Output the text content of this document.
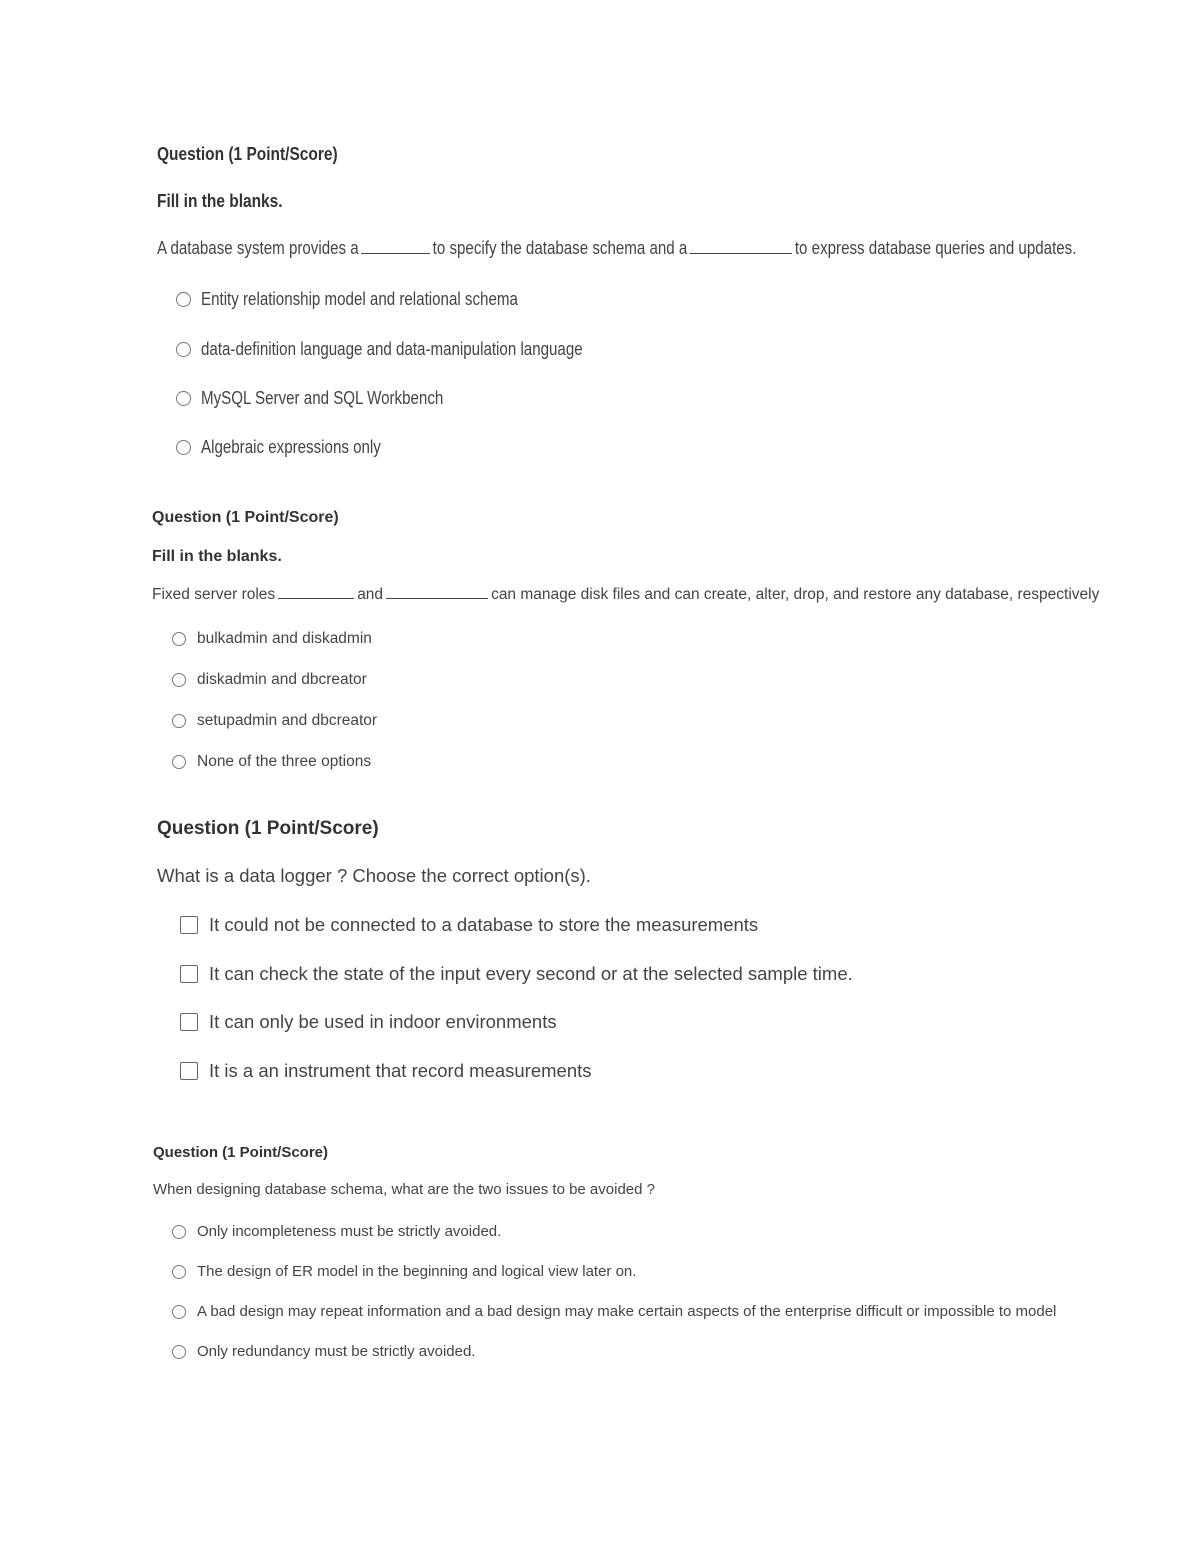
Question (1 Point/Score)
Fill in the blanks.
A database system provides a	to specify the database schema and a	to express database queries and updates.
Entity relationship model and relational schema
data-definition language and data-manipulation language
MySQL Server and SQL Workbench
Algebraic expressions only
Question (1 Point/Score)
Fill in the blanks.
Fixed server roles	and	can manage disk files and can create, alter, drop, and restore any database, respectively
bulkadmin and diskadmin
diskadmin and dbcreator
setupadmin and dbcreator
None of the three options
Question (1 Point/Score)
What is a data logger ? Choose the correct option(s).
It could not be connected to a database to store the measurements
It can check the state of the input every second or at the selected sample time.
It can only be used in indoor environments
It is a an instrument that record measurements
Question (1 Point/Score)
When designing database schema, what are the two issues to be avoided ?
Only incompleteness must be strictly avoided.
The design of ER model in the beginning and logical view later on.
A bad design may repeat information and a bad design may make certain aspects of the enterprise difficult or impossible to model
Only redundancy must be strictly avoided.
